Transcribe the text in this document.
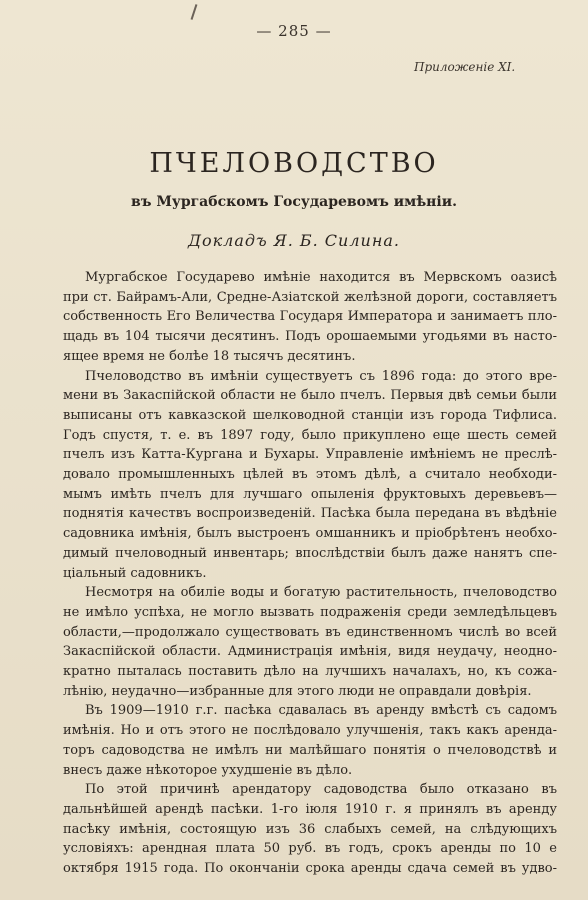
— 285 —
Приложеніе XI.
ПЧЕЛОВОДСТВО
въ Мургабскомъ Государевомъ имѣніи.
Докладъ Я. Б. Силина.

Мургабское Государево имѣніе находится въ Мервскомъ оазисѣ
при ст. Байрамъ-Али, Средне-Азіатской желѣзной дороги, составляетъ
собственность Его Величества Государя Императора и занимаетъ пло-
щадь въ 104 тысячи десятинъ. Подъ орошаемыми угодьями въ насто-
ящее время не болѣе 18 тысячъ десятинъ.

Пчеловодство въ имѣніи существуетъ съ 1896 года: до этого вре-
мени въ Закаспійской области не было пчелъ. Первыя двѣ семьи были
выписаны отъ кавказской шелководной станціи изъ города Тифлиса.
Годъ спустя, т. е. въ 1897 году, было прикуплено еще шесть семей
пчелъ изъ Катта-Кургана и Бухары. Управленіе имѣніемъ не преслѣ-
довало промышленныхъ цѣлей въ этомъ дѣлѣ, а считало необходи-
мымъ имѣть пчелъ для лучшаго опыленія фруктовыхъ деревьевъ—
поднятія качествъ воспроизведеній. Пасѣка была передана въ вѣдѣніе
садовника имѣнія, былъ выстроенъ омшанникъ и пріобрѣтенъ необхо-
димый пчеловодный инвентарь; впослѣдствіи былъ даже нанятъ спе-
ціальный садовникъ.

Несмотря на обиліе воды и богатую растительность, пчеловодство
не имѣло успѣха, не могло вызвать подраженія среди земледѣльцевъ
области,—продолжало существовать въ единственномъ числѣ во всей
Закаспійской области. Администрація имѣнія, видя неудачу, неодно-
кратно пыталась поставить дѣло на лучшихъ началахъ, но, къ сожа-
лѣнію, неудачно—избранные для этого люди не оправдали довѣрія.

Въ 1909—1910 г.г. пасѣка сдавалась въ аренду вмѣстѣ съ садомъ
имѣнія. Но и отъ этого не послѣдовало улучшенія, такъ какъ аренда-
торъ садоводства не имѣлъ ни малѣйшаго понятія о пчеловодствѣ и
внесъ даже нѣкоторое ухудшеніе въ дѣло.

По этой причинѣ арендатору садоводства было отказано въ
дальнѣйшей арендѣ пасѣки. 1-го іюля 1910 г. я принялъ въ аренду
пасѣку имѣнія, состоящую изъ 36 слабыхъ семей, на слѣдующихъ
условіяхъ: арендная плата 50 руб. въ годъ, срокъ аренды по 10 е
октября 1915 года. По окончаніи срока аренды сдача семей въ удво-
